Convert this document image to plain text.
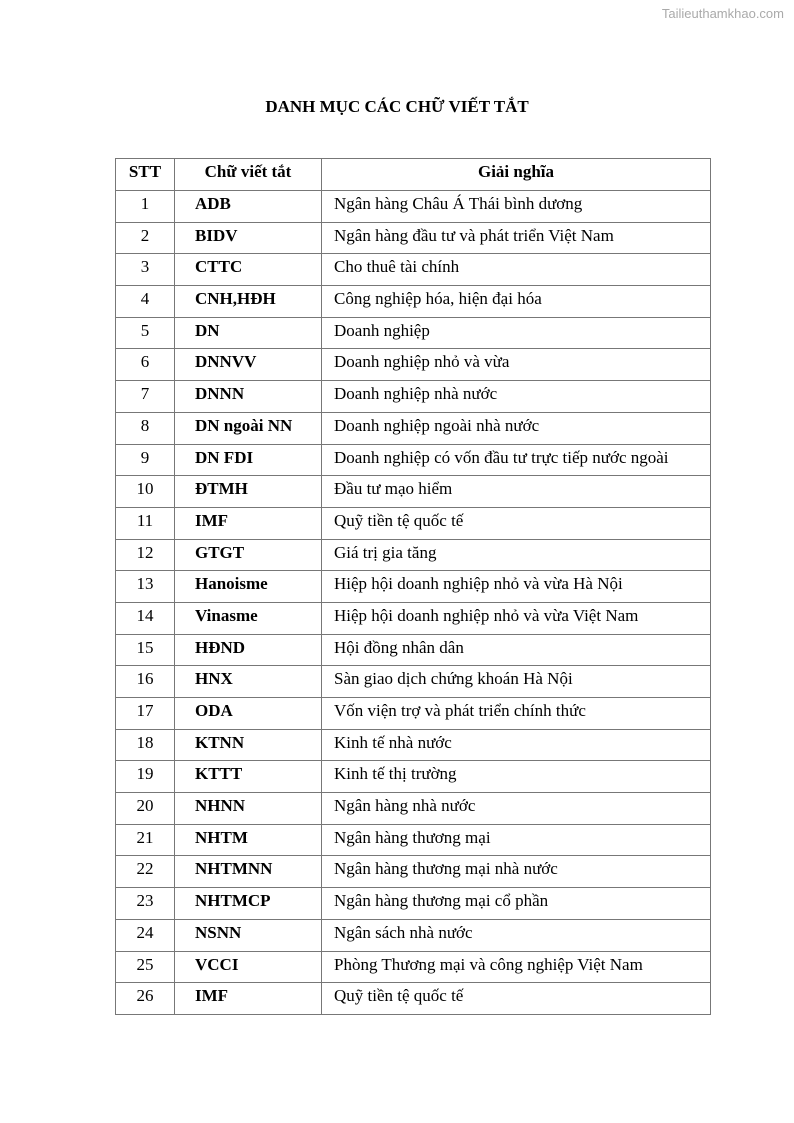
Tailieuthamkhao.com
DANH MỤC CÁC CHỮ VIẾT TẮT
STT	Chữ viết tắt	Giải nghĩa
1	ADB	Ngân hàng Châu Á Thái bình dương
2	BIDV	Ngân hàng đầu tư và phát triển Việt Nam
3	CTTC	Cho thuê tài chính
4	CNH,HĐH	Công nghiệp hóa, hiện đại hóa
5	DN	Doanh nghiệp
6	DNNVV	Doanh nghiệp nhỏ và vừa
7	DNNN	Doanh nghiệp nhà nước
8	DN ngoài NN	Doanh nghiệp ngoài nhà nước
9	DN FDI	Doanh nghiệp có vốn đầu tư trực tiếp nước ngoài
10	ĐTMH	Đầu tư mạo hiểm
11	IMF	Quỹ tiền tệ quốc tế
12	GTGT	Giá trị gia tăng
13	Hanoisme	Hiệp hội doanh nghiệp nhỏ và vừa Hà Nội
14	Vinasme	Hiệp hội doanh nghiệp nhỏ và vừa Việt Nam
15	HĐND	Hội đồng nhân dân
16	HNX	Sàn giao dịch chứng khoán Hà Nội
17	ODA	Vốn viện trợ và phát triển chính thức
18	KTNN	Kinh tế nhà nước
19	KTTT	Kinh tế thị trường
20	NHNN	Ngân hàng nhà nước
21	NHTM	Ngân hàng thương mại
22	NHTMNN	Ngân hàng thương mại nhà nước
23	NHTMCP	Ngân hàng thương mại cổ phần
24	NSNN	Ngân sách nhà nước
25	VCCI	Phòng Thương mại và công nghiệp Việt Nam
26	IMF	Quỹ tiền tệ quốc tế
